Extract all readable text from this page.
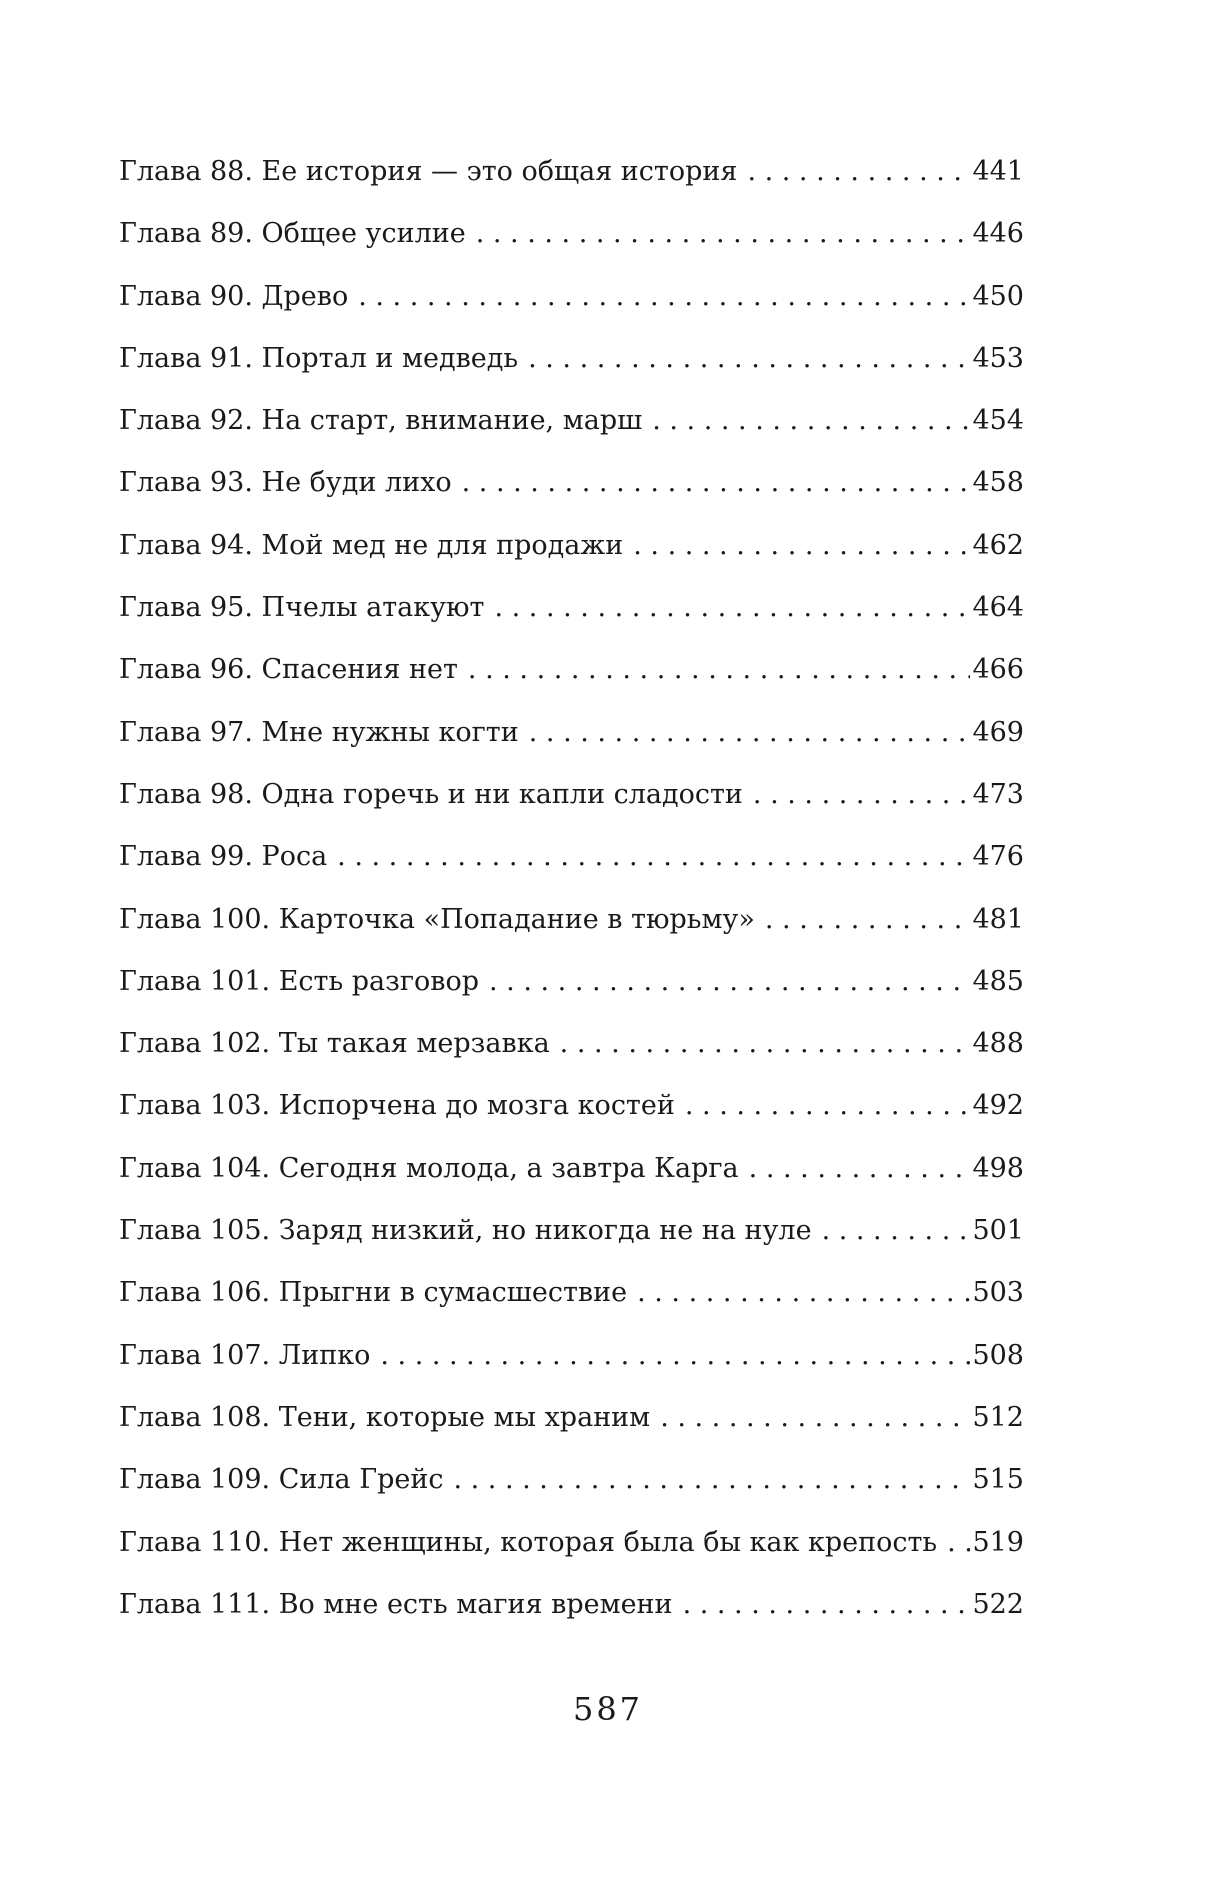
Глава 88. Ее история — это общая история . . .	441
Глава 89. Общее усилие . . .	446
Глава 90. Древо . . .	450
Глава 91. Портал и медведь . . .	453
Глава 92. На старт, внимание, марш . . .	454
Глава 93. Не буди лихо . . .	458
Глава 94. Мой мед не для продажи . . .	462
Глава 95. Пчелы атакуют . . .	464
Глава 96. Спасения нет . . .	466
Глава 97. Мне нужны когти . . .	469
Глава 98. Одна горечь и ни капли сладости . . .	473
Глава 99. Роса . . .	476
Глава 100. Карточка «Попадание в тюрьму» . . .	481
Глава 101. Есть разговор . . .	485
Глава 102. Ты такая мерзавка . . .	488
Глава 103. Испорчена до мозга костей . . .	492
Глава 104. Сегодня молода, а завтра Карга . . .	498
Глава 105. Заряд низкий, но никогда не на нуле . . .	501
Глава 106. Прыгни в сумасшествие . . .	503
Глава 107. Липко . . .	508
Глава 108. Тени, которые мы храним . . .	512
Глава 109. Сила Грейс . . .	515
Глава 110. Нет женщины, которая была бы как крепость . . . 519
Глава 111. Во мне есть магия времени . . .	522
587
